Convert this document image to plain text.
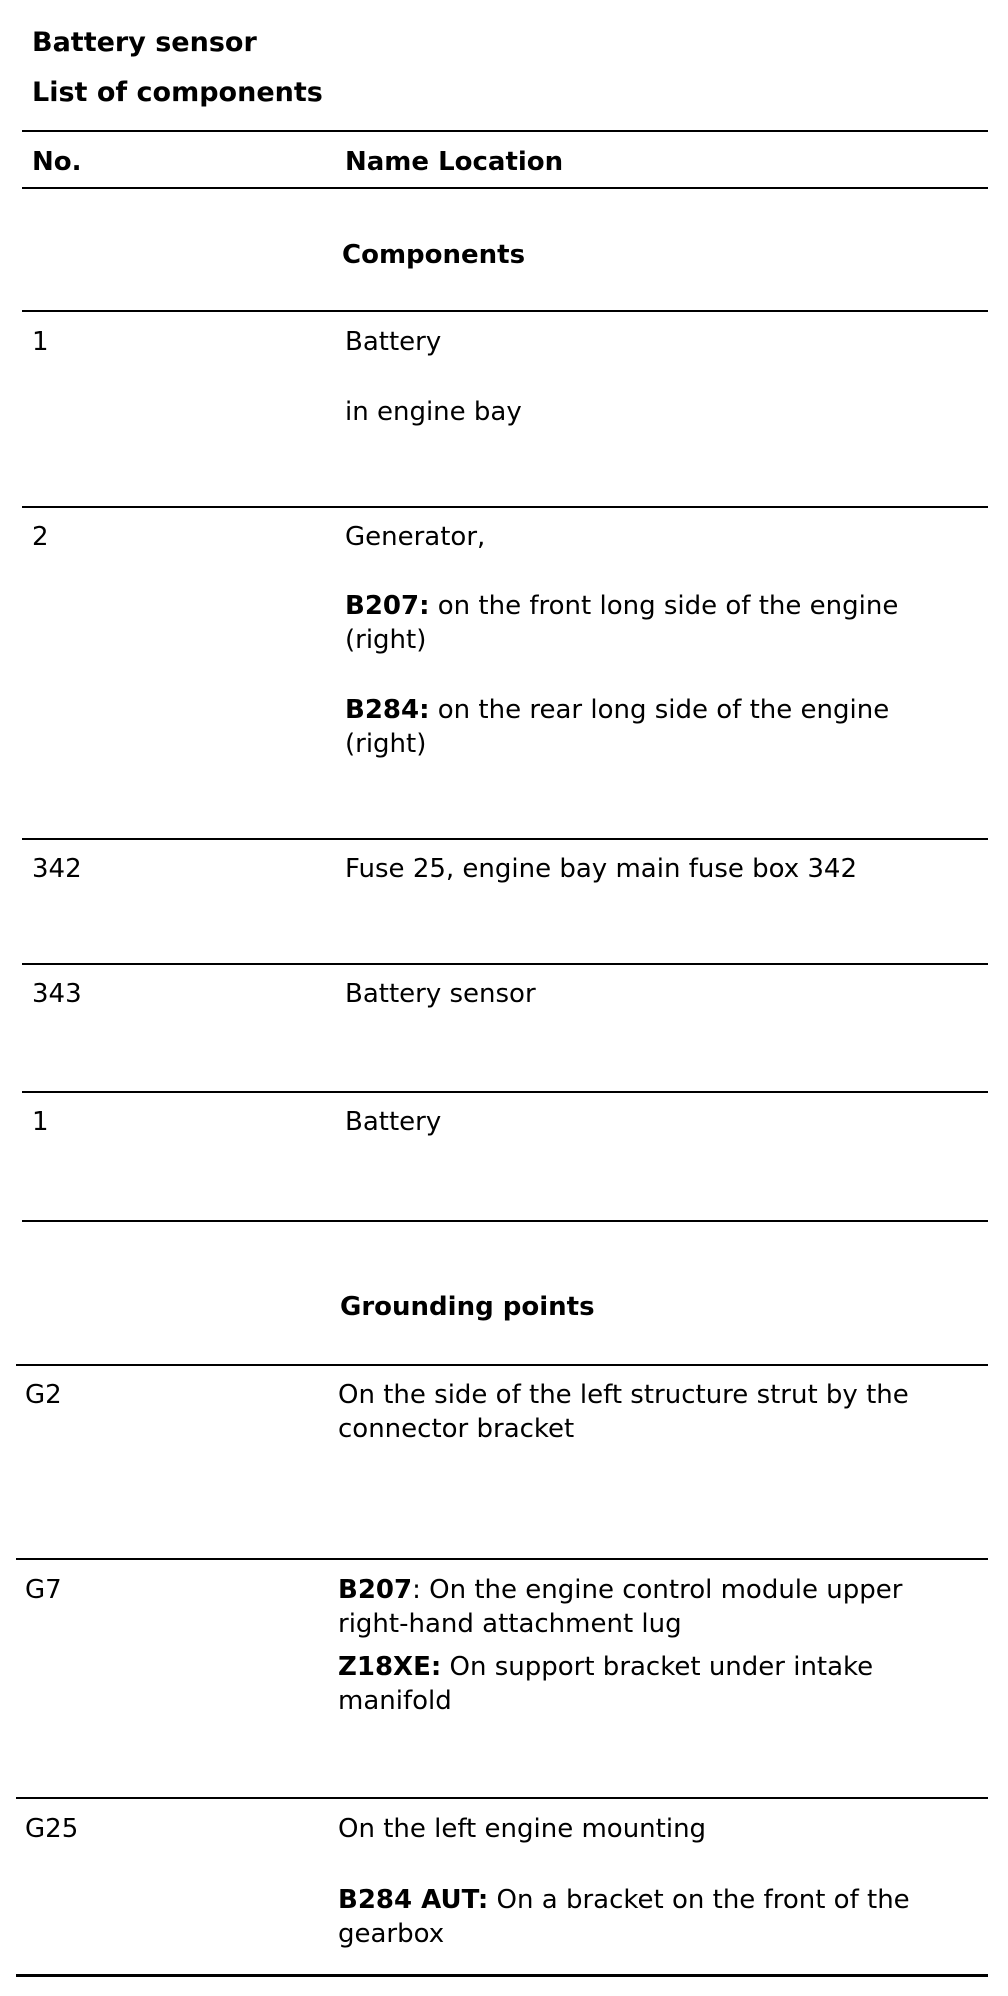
Battery sensor
List of components
No.	Name Location
Components
1	Battery
in engine bay
2	Generator,
B207: on the front long side of the engine
(right)
B284: on the rear long side of the engine
(right)
342	Fuse 25, engine bay main fuse box 342
343	Battery sensor
1	Battery
Grounding points
G2	On the side of the left structure strut by the
connector bracket
G7	B207: On the engine control module upper
right-hand attachment lug
Z18XE: On support bracket under intake
manifold
G25	On the left engine mounting
B284 AUT: On a bracket on the front of the
gearbox
